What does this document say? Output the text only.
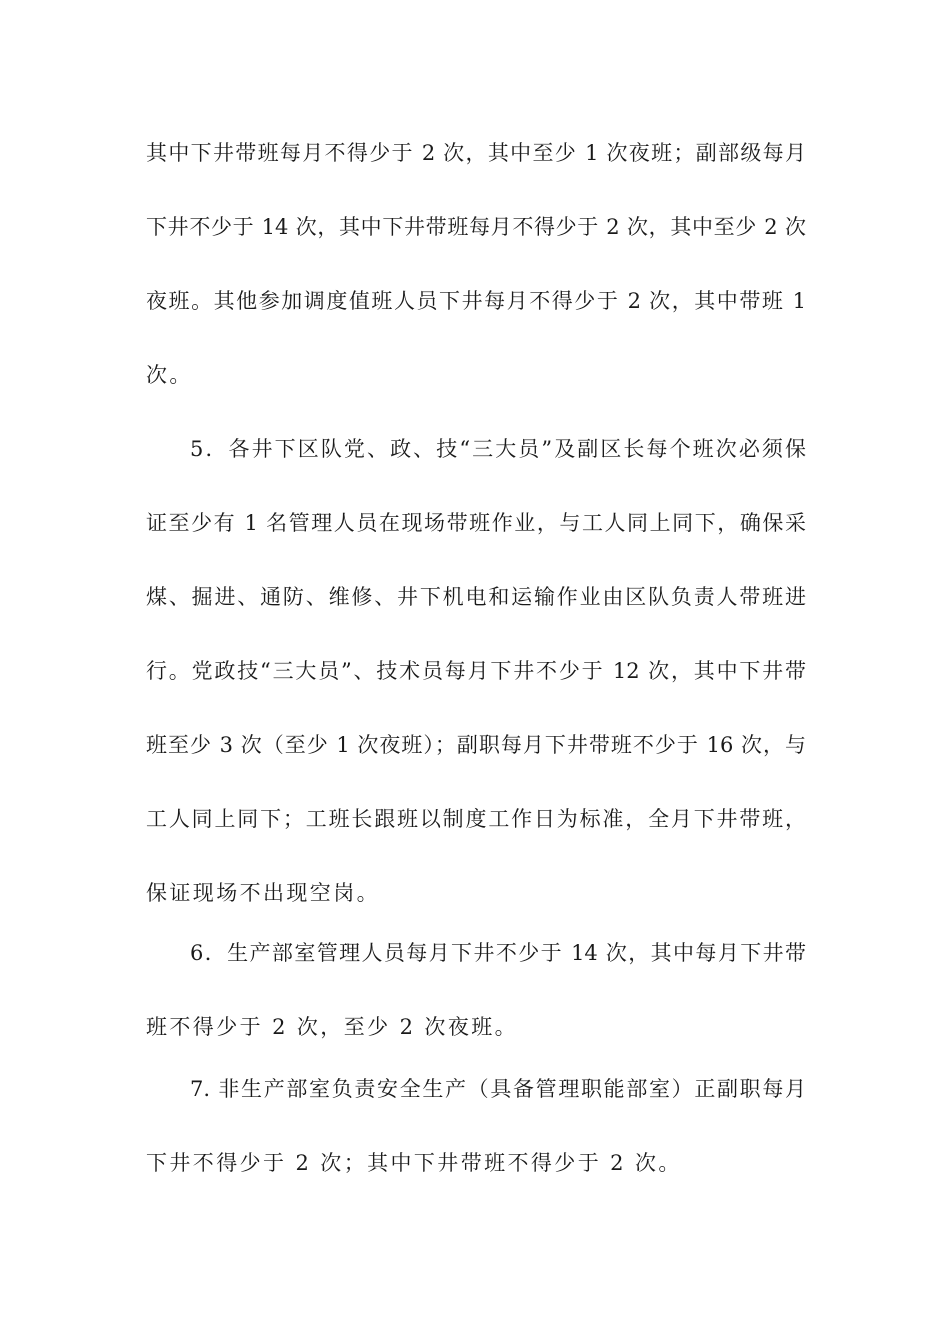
其中下井带班每月不得少于 2 次，其中至少 1 次夜班；副部级每月
下井不少于 14 次，其中下井带班每月不得少于 2 次，其中至少 2 次
夜班。其他参加调度值班人员下井每月不得少于 2 次，其中带班 1
次。
5．各井下区队党、政、技“三大员”及副区长每个班次必须保
证至少有 1 名管理人员在现场带班作业，与工人同上同下，确保采
煤、掘进、通防、维修、井下机电和运输作业由区队负责人带班进
行。党政技“三大员”、技术员每月下井不少于 12 次，其中下井带
班至少 3 次（至少 1 次夜班）；副职每月下井带班不少于 16 次，与
工人同上同下；工班长跟班以制度工作日为标准，全月下井带班，
保证现场不出现空岗。
6．生产部室管理人员每月下井不少于 14 次，其中每月下井带
班不得少于 2 次，至少 2 次夜班。
7. 非生产部室负责安全生产（具备管理职能部室）正副职每月
下井不得少于 2 次；其中下井带班不得少于 2 次。
